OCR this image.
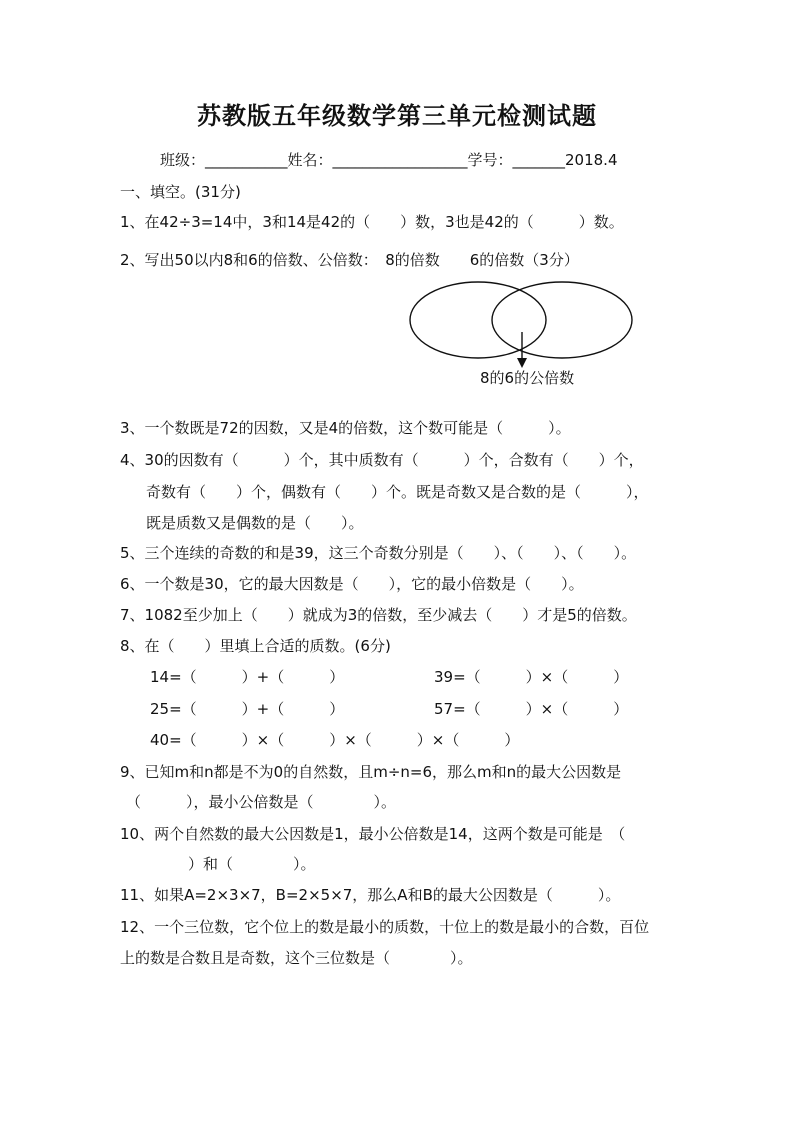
苏教版五年级数学第三单元检测试题
班级：___________姓名：__________________学号：_______2018.4
一、填空。(31分)
1、在42÷3=14中，3和14是42的（　　）数，3也是42的（　　　）数。
2、写出50以内8和6的倍数、公倍数：　8的倍数　　6的倍数（3分）
8的6的公倍数
3、一个数既是72的因数，又是4的倍数，这个数可能是（　　　）。
4、30的因数有（　　　）个，其中质数有（　　　）个，合数有（　　）个，
奇数有（　　）个，偶数有（　　）个。既是奇数又是合数的是（　　　），
既是质数又是偶数的是（　　）。
5、三个连续的奇数的和是39，这三个奇数分别是（　　）、（　　）、（　　）。
6、一个数是30，它的最大因数是（　　），它的最小倍数是（　　）。
7、1082至少加上（　　）就成为3的倍数，至少减去（　　）才是5的倍数。
8、在（　　）里填上合适的质数。(6分)
14=（　　　）+（　　　）	39=（　　　）×（　　　）
25=（　　　）+（　　　）	57=（　　　）×（　　　）
40=（　　　）×（　　　）×（　　　）×（　　　）
9、已知m和n都是不为0的自然数，且m÷n=6，那么m和n的最大公因数是
（　　　），最小公倍数是（　　　　）。
10、两个自然数的最大公因数是1，最小公倍数是14，这两个数是可能是　（
）和（　　　　）。
11、如果A=2×3×7，B=2×5×7，那么A和B的最大公因数是（　　　）。
12、一个三位数，它个位上的数是最小的质数，十位上的数是最小的合数，百位
上的数是合数且是奇数，这个三位数是（　　　　）。
